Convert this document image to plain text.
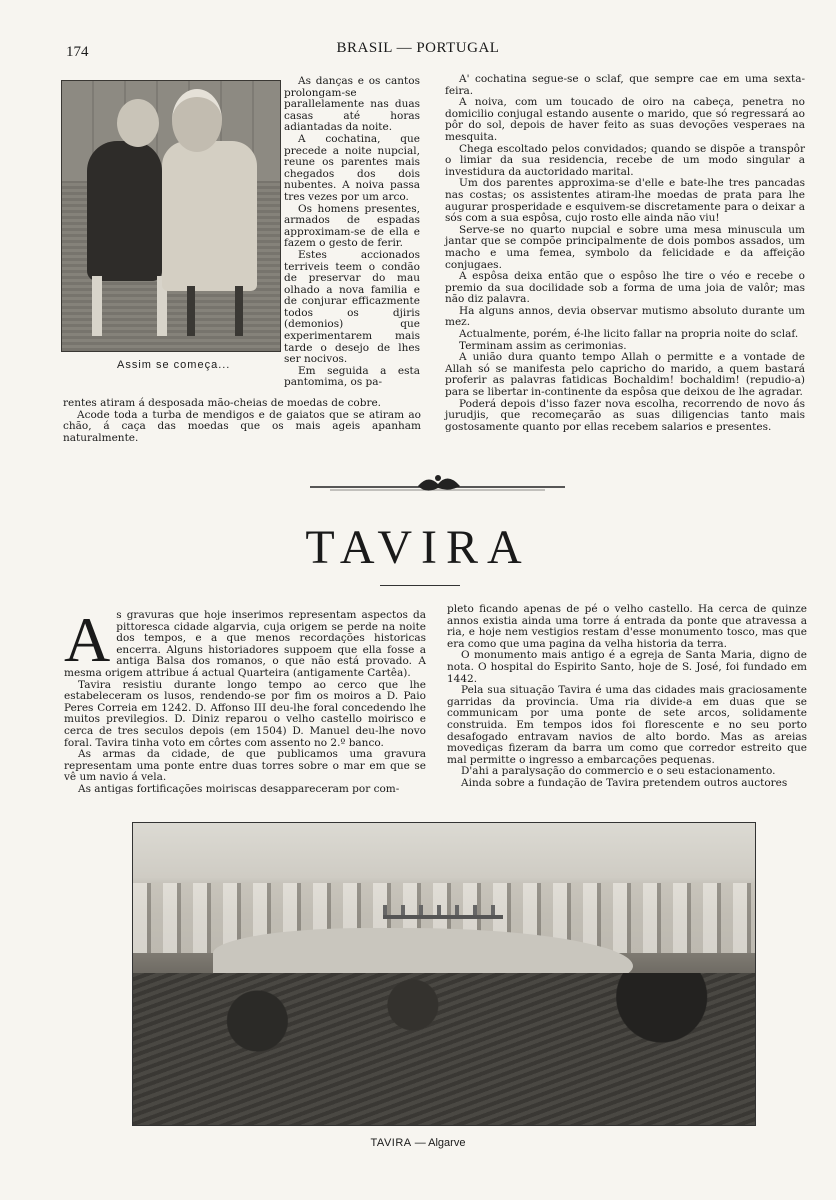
174	BRASIL — PORTUGAL
Assim se começa...

As danças e os cantos prolongam-se parallelamente nas duas casas até horas adiantadas da noite.

A cochatina, que precede a noite nupcial, reune os parentes mais chegados dos dois nubentes. A noiva passa tres vezes por um arco.

Os homens presentes, armados de espadas approximam-se de ella e fazem o gesto de ferir.

Estes accionados terriveis teem o condão de preservar do mau olhado a nova familia e de conjurar efficazmente todos os djiris (demonios) que experimentarem mais tarde o desejo de lhes ser nocivos.

Em seguida a esta pantomima, os pa-

rentes atiram á desposada mão-cheias de moedas de cobre.

Acode toda a turba de mendigos e de gaiatos que se atiram ao chão, á caça das moedas que os mais ageis apanham naturalmente.

A' cochatina segue-se o sclaf, que sempre cae em uma sexta-feira.

A noiva, com um toucado de oiro na cabeça, penetra no domicilio conjugal estando ausente o marido, que só regressará ao pôr do sol, depois de haver feito as suas devoções vesperaes na mesquita.

Chega escoltado pelos convidados; quando se dispõe a transpôr o limiar da sua residencia, recebe de um modo singular a investidura da auctoridado marital.

Um dos parentes approxima-se d'elle e bate-lhe tres pancadas nas costas; os assistentes atiram-lhe moedas de prata para lhe augurar prosperidade e esquivem-se discretamente para o deixar a sós com a sua espôsa, cujo rosto elle ainda não viu!

Serve-se no quarto nupcial e sobre uma mesa minuscula um jantar que se compõe principalmente de dois pombos assados, um macho e uma femea, symbolo da felicidade e da affeição conjugaes.

A espôsa deixa então que o espôso lhe tire o véo e recebe o premio da sua docilidade sob a forma de uma joia de valôr; mas não diz palavra.

Ha alguns annos, devia observar mutismo absoluto durante um mez.

Actualmente, porém, é-lhe licito fallar na propria noite do sclaf.

Terminam assim as cerimonias.

A união dura quanto tempo Allah o permitte e a vontade de Allah só se manifesta pelo capricho do marido, a quem bastará proferir as palavras fatidicas Bochaldim! bochaldim! (repudio-a) para se libertar in-continente da espôsa que deixou de lhe agradar.

Poderá depois d'isso fazer nova escolha, recorrendo de novo ás jurudjis, que recomeçarão as suas diligencias tanto mais gostosamente quanto por ellas recebem salarios e presentes.

TAVIRA
A s gravuras que hoje inserimos representam aspectos da pittoresca cidade algarvia, cuja origem se perde na noite dos tempos, e a que menos recordações historicas encerra. Alguns historiadores suppoem que ella fosse a antiga Balsa dos romanos, o que não está provado. A mesma origem attribue á actual Quarteira (antigamente Cartêa).

Tavira resistiu durante longo tempo ao cerco que lhe estabeleceram os lusos, rendendo-se por fim os moiros a D. Paio Peres Correia em 1242. D. Affonso III deu-lhe foral concedendo lhe muitos previlegios. D. Diniz reparou o velho castello moirisco e cerca de tres seculos depois (em 1504) D. Manuel deu-lhe novo foral. Tavira tinha voto em côrtes com assento no 2.º banco.

As armas da cidade, de que publicamos uma gravura representam uma ponte entre duas torres sobre o mar em que se vê um navio á vela.

As antigas fortificações moiriscas desappareceram por com-

pleto ficando apenas de pé o velho castello. Ha cerca de quinze annos existia ainda uma torre á entrada da ponte que atravessa a ria, e hoje nem vestigios restam d'esse monumento tosco, mas que era como que uma pagina da velha historia da terra.

O monumento mais antigo é a egreja de Santa Maria, digno de nota. O hospital do Espirito Santo, hoje de S. José, foi fundado em 1442.

Pela sua situação Tavira é uma das cidades mais graciosamente garridas da provincia. Uma ria divide-a em duas que se communicam por uma ponte de sete arcos, solidamente construida. Em tempos idos foi florescente e no seu porto desafogado entravam navios de alto bordo. Mas as areias movediças fizeram da barra um como que corredor estreito que mal permitte o ingresso a embarcações pequenas.

D'ahi a paralysação do commercio e o seu estacionamento.

Ainda sobre a fundação de Tavira pretendem outros auctores

TAVIRA — Algarve
